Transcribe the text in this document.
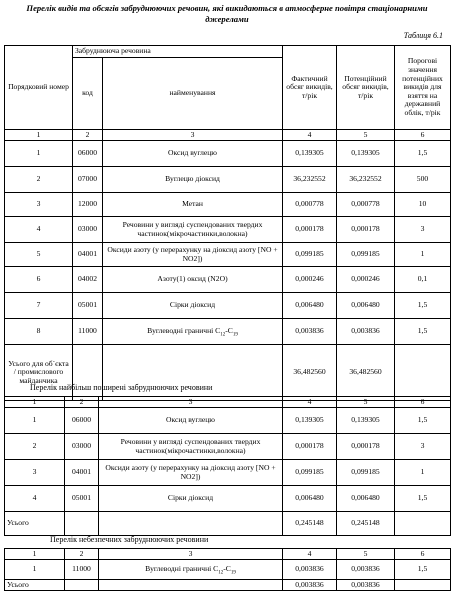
Перелік видів та обсягів забруднюючих речовин, які викидаються в атмосферне повітря стаціонарними джерелами
Таблиця 6.1
Порядковий номер	Забруднююча речовина		Фактичний обсяг викидів, т/рік	Потенційний обсяг викидів, т/рік	Порогові значення потенційних викидів для взяття на державний облік, т/рік
	код	найменування			
1	2	3	4	5	6
1	06000	Оксид вуглецю	0,139305	0,139305	1,5
2	07000	Вуглецю діоксид	36,232552	36,232552	500
3	12000	Метан	0,000778	0,000778	10
4	03000	Речовини у вигляді суспендованих твердих частинок(мікрочастинки,волокна)	0,000178	0,000178	3
5	04001	Оксиди азоту (у перерахунку на діоксид азоту [NO + NO2])	0,099185	0,099185	1
6	04002	Азоту(1) оксид (N2O)	0,000246	0,000246	0,1
7	05001	Сірки діоксид	0,006480	0,006480	1,5
8	11000	Вуглеводні граничні $С_{12}-С_{19}$	0,003836	0,003836	1,5
Усього для об`єкта / промислового майданчика			36,482560	36,482560	
Перелік найбільш поширені забруднюючих речовини
1	2	3	4	5	6
1	06000	Оксид вуглецю	0,139305	0,139305	1,5
2	03000	Речовини у вигляді суспендованих твердих частинок(мікрочастинки,волокна)	0,000178	0,000178	3
3	04001	Оксиди азоту (у перерахунку на діоксид азоту [NO + NO2])	0,099185	0,099185	1
4	05001	Сірки діоксид	0,006480	0,006480	1,5
Усього			0,245148	0,245148	
Перелік небезпечних забруднюючих речовини
1	2	3	4	5	6
1	11000	Вуглеводні граничні $С_{12}-С_{19}$	0,003836	0,003836	1,5
Усього			0,003836	0,003836	
